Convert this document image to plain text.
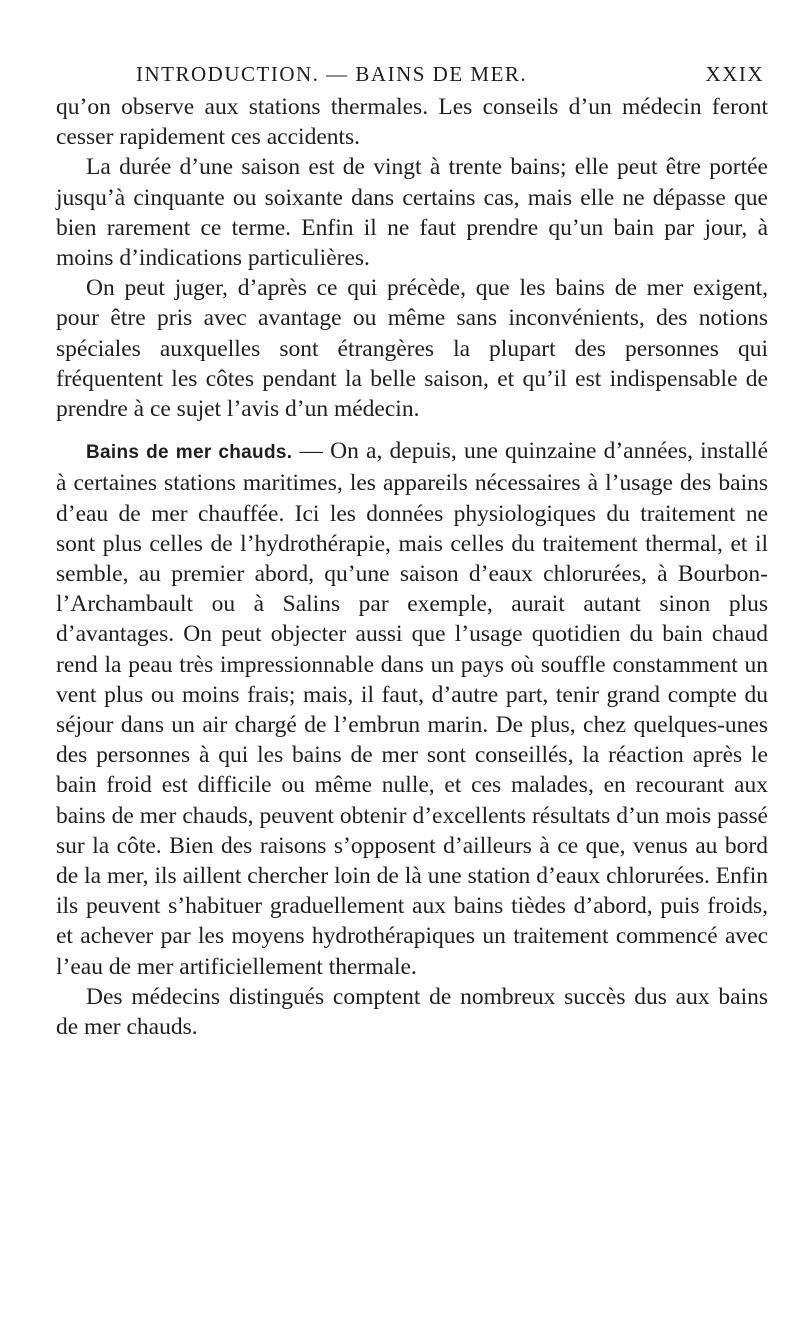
INTRODUCTION. — BAINS DE MER.	XXIX

qu’on observe aux stations thermales. Les conseils d’un médecin feront cesser rapidement ces accidents.

La durée d’une saison est de vingt à trente bains; elle peut être portée jusqu’à cinquante ou soixante dans certains cas, mais elle ne dépasse que bien rarement ce terme. Enfin il ne faut prendre qu’un bain par jour, à moins d’indications particulières.

On peut juger, d’après ce qui précède, que les bains de mer exigent, pour être pris avec avantage ou même sans inconvénients, des notions spéciales auxquelles sont étrangères la plupart des personnes qui fréquentent les côtes pendant la belle saison, et qu’il est indispensable de prendre à ce sujet l’avis d’un médecin.

Bains de mer chauds. — On a, depuis, une quinzaine d’années, installé à certaines stations maritimes, les appareils nécessaires à l’usage des bains d’eau de mer chauffée. Ici les données physiologiques du traitement ne sont plus celles de l’hydrothérapie, mais celles du traitement thermal, et il semble, au premier abord, qu’une saison d’eaux chlorurées, à Bourbon-l’Archambault ou à Salins par exemple, aurait autant sinon plus d’avantages. On peut objecter aussi que l’usage quotidien du bain chaud rend la peau très impressionnable dans un pays où souffle constamment un vent plus ou moins frais; mais, il faut, d’autre part, tenir grand compte du séjour dans un air chargé de l’embrun marin. De plus, chez quelques-unes des personnes à qui les bains de mer sont conseillés, la réaction après le bain froid est difficile ou même nulle, et ces malades, en recourant aux bains de mer chauds, peuvent obtenir d’excellents résultats d’un mois passé sur la côte. Bien des raisons s’opposent d’ailleurs à ce que, venus au bord de la mer, ils aillent chercher loin de là une station d’eaux chlorurées. Enfin ils peuvent s’habituer graduellement aux bains tièdes d’abord, puis froids, et achever par les moyens hydrothérapiques un traitement commencé avec l’eau de mer artificiellement thermale.

Des médecins distingués comptent de nombreux succès dus aux bains de mer chauds.
